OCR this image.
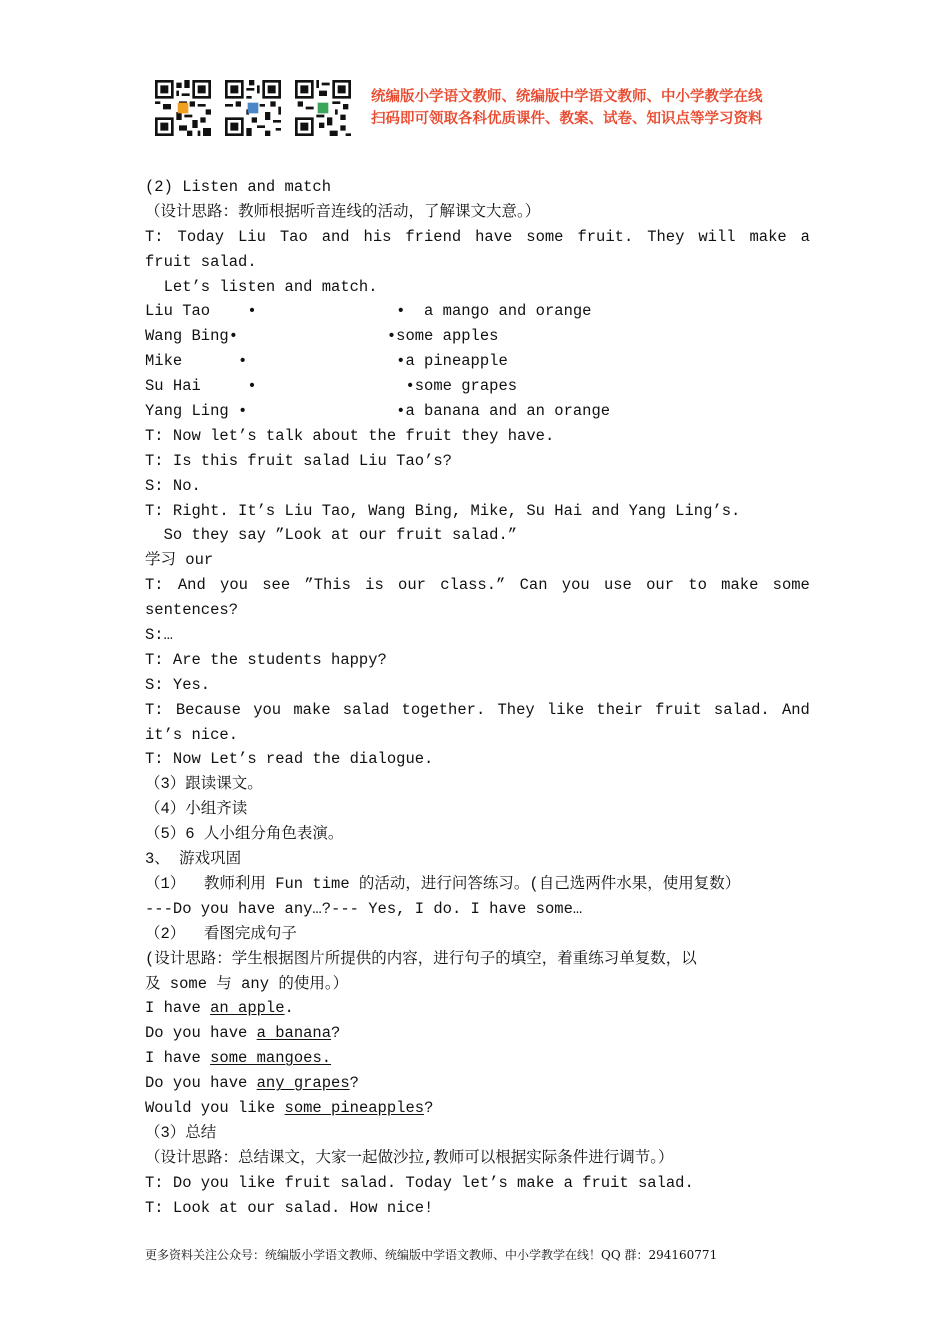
统编版小学语文教师、统编版中学语文教师、中小学教学在线
扫码即可领取各科优质课件、教案、试卷、知识点等学习资料
(2) Listen and match
（设计思路：教师根据听音连线的活动，了解课文大意。）
T: Today Liu Tao and his friend have some fruit. They will make a
fruit salad.
Let’s listen and match.
Liu Tao    •               •  a mango and orange
Wang Bing•                •some apples
Mike      •                •a pineapple
Su Hai     •                •some grapes
Yang Ling •                •a banana and an orange
T: Now let’s talk about the fruit they have.
T: Is this fruit salad Liu Tao’s?
S: No.
T: Right. It’s Liu Tao, Wang Bing, Mike, Su Hai and Yang Ling’s.
So they say ”Look at our fruit salad.”
学习 our
T: And you see ”This is our class.” Can you use our to make some
sentences?
S:…
T: Are the students happy?
S: Yes.
T: Because you make salad together. They like their fruit salad. And
it’s nice.
T: Now Let’s read the dialogue.
（3）跟读课文。
（4）小组齐读
（5）6 人小组分角色表演。
3、 游戏巩固
（1）  教师利用 Fun time 的活动，进行问答练习。(自己选两件水果，使用复数）
---Do you have any…?--- Yes, I do. I have some…
（2）  看图完成句子
(设计思路：学生根据图片所提供的内容，进行句子的填空，着重练习单复数，以
及 some 与 any 的使用。）
I have an apple.
Do you have a banana?
I have some mangoes.
Do you have any grapes?
Would you like some pineapples?
（3）总结
（设计思路：总结课文，大家一起做沙拉,教师可以根据实际条件进行调节。）
T: Do you like fruit salad. Today let’s make a fruit salad.
T: Look at our salad. How nice!
更多资料关注公众号：统编版小学语文教师、统编版中学语文教师、中小学教学在线！QQ 群：294160771
